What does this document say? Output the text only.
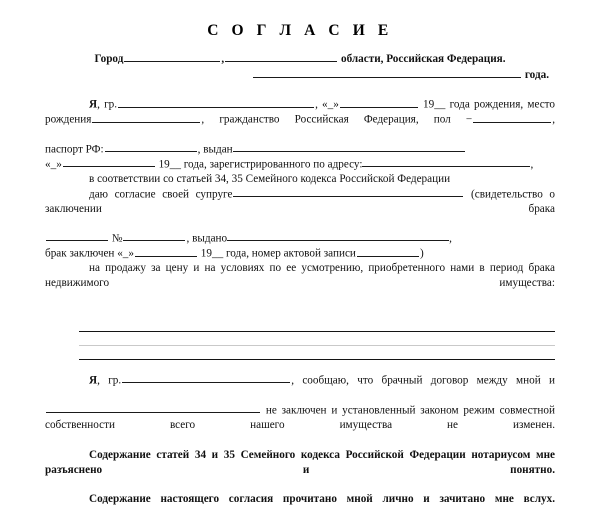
С О Г Л А С И Е
Город	,	области, Российская Федерация.
года.

Я, гр.	, «_»	19__ года рождения, место рождения	, гражданство Российская Федерация, пол −	,

паспорт РФ:	, выдан

«_»	19__ года, зарегистрированного по адресу:	,

в соответствии со статьей 34, 35 Семейного кодекса Российской Федерации

даю согласие своей супруге	(свидетельство о заключении брака

№	, выдано	,

брак заключен «_»	19__ года, номер актовой записи	)

на продажу за цену и на условиях по ее усмотрению, приобретенного нами в период брака недвижимого имущества:

Я, гр.	, сообщаю, что брачный договор между мной и

не заключен и установленный законом режим совместной собственности всего нашего имущества не изменен.

Содержание статей 34 и 35 Семейного кодекса Российской Федерации нотариусом мне разъяснено и понятно.

Содержание настоящего согласия прочитано мной лично и зачитано мне вслух.
